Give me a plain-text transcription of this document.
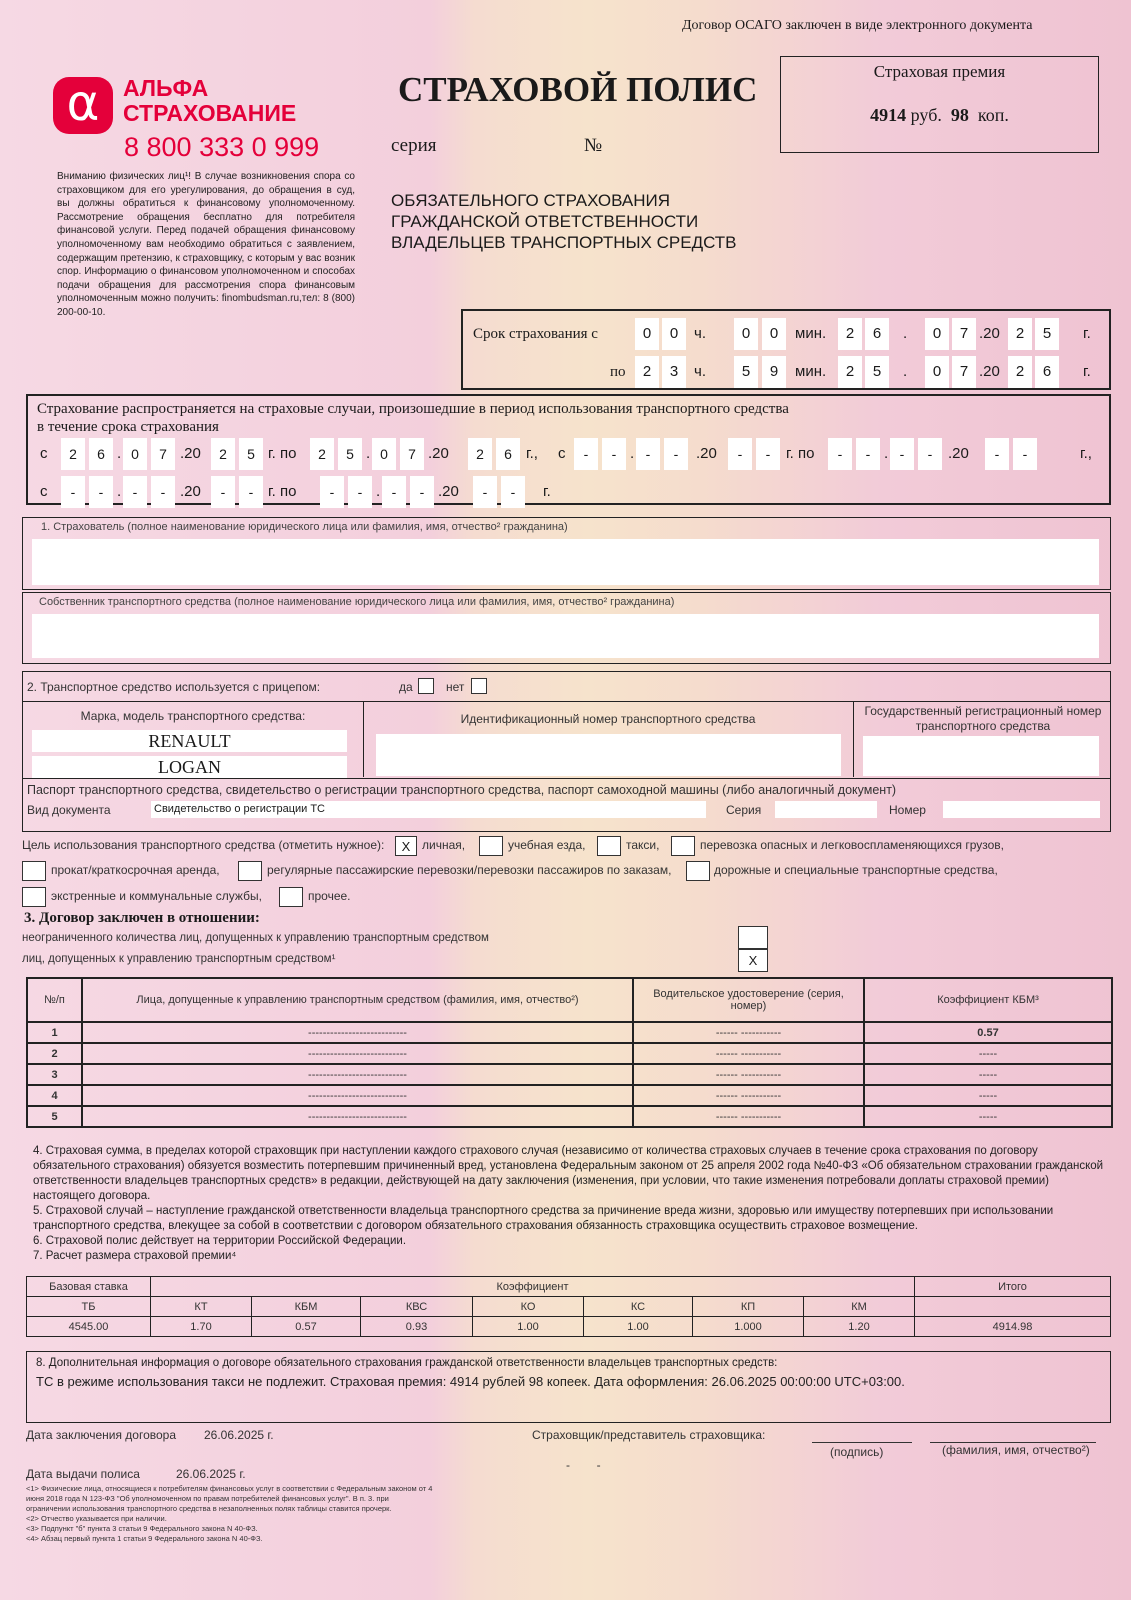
Договор ОСАГО заключен в виде электронного документа
α	АЛЬФА
СТРАХОВАНИЕ
8 800 333 0 999
СТРАХОВОЙ ПОЛИС
серия	№
ОБЯЗАТЕЛЬНОГО СТРАХОВАНИЯ
ГРАЖДАНСКОЙ ОТВЕТСТВЕННОСТИ
ВЛАДЕЛЬЦЕВ ТРАНСПОРТНЫХ СРЕДСТВ
Страховая премия
4914 руб. 98 коп.
Вниманию физических лиц¹! В случае возникновения спора со страховщиком для его урегулирования, до обращения в суд, вы должны обратиться к финансовому уполномоченному. Рассмотрение обращения бесплатно для потребителя финансовой услуги. Перед подачей обращения финансовому уполномоченному вам необходимо обратиться с заявлением, содержащим претензию, к страховщику, с которым у вас возник спор. Информацию о финансовом уполномоченном и способах подачи обращения для рассмотрения спора финансовым уполномоченным можно получить: finombudsman.ru,тел: 8 (800) 200-00-10.
Срок страхования с
по
0	0	ч.	0	0	мин.	2	6	.	0	7 .20	2	5	г.
2	3	ч.	5	9	мин.	2	5	.	0	7 .20	2	6	г.
Страхование распространяется на страховые случаи, произошедшие в период использования транспортного средства
в течение срока страхования
с	2	6 . 0	7 .20	2	5 г. по	2	5 . 0	7 .20	2	6 г., с	-	- . -	-	.20	-	-	г. по	-	- . -	-	.20	-	-	г.,
с	-	- . -	- .20	-	- г. по	-	- . -	- .20	-	-	г.
1. Страхователь (полное наименование юридического лица или фамилия, имя, отчество² гражданина)
Собственник транспортного средства (полное наименование юридического лица или фамилия, имя, отчество² гражданина)
2. Транспортное средство используется с прицепом:	да	нет
Марка, модель транспортного средства:
RENAULT
LOGAN
Идентификационный номер транспортного средства
Государственный регистрационный номер транспортного средства
Паспорт транспортного средства, свидетельство о регистрации транспортного средства, паспорт самоходной машины (либо аналогичный документ)
Вид документа	Свидетельство о регистрации ТС	Серия	Номер
Цель использования транспортного средства (отметить нужное):	X личная,	учебная езда,	такси,	перевозка опасных и легковоспламеняющихся грузов,
прокат/краткосрочная аренда,	регулярные пассажирские перевозки/перевозки пассажиров по заказам,	дорожные и специальные транспортные средства,
экстренные и коммунальные службы,	прочее.
3. Договор заключен в отношении:
неограниченного количества лиц, допущенных к управлению транспортным средством
лиц, допущенных к управлению транспортным средством¹	X
№/п	Лица, допущенные к управлению транспортным средством (фамилия, имя, отчество²)	Водительское удостоверение (серия, номер)	Коэффициент КБМ³
1	---------------------------	------ -----------	0.57
2	---------------------------	------ -----------	-----
3	---------------------------	------ -----------	-----
4	---------------------------	------ -----------	-----
5	---------------------------	------ -----------	-----
4. Страховая сумма, в пределах которой страховщик при наступлении каждого страхового случая (независимо от количества страховых случаев в течение срока страхования по договору обязательного страхования) обязуется возместить потерпевшим причиненный вред, установлена Федеральным законом от 25 апреля 2002 года №40-ФЗ «Об обязательном страховании гражданской ответственности владельцев транспортных средств» в редакции, действующей на дату заключения (изменения, при условии, что такие изменения потребовали доплаты страховой премии) настоящего договора.
5. Страховой случай – наступление гражданской ответственности владельца транспортного средства за причинение вреда жизни, здоровью или имуществу потерпевших при использовании транспортного средства, влекущее за собой в соответствии с договором обязательного страхования обязанность страховщика осуществить страховое возмещение.
6. Страховой полис действует на территории Российской Федерации.
7. Расчет размера страховой премии⁴
Базовая ставка	Коэффициент							Итого
ТБ	КТ	КБМ	КВС	КО	КС	КП	КМ	
4545.00	1.70	0.57	0.93	1.00	1.00	1.000	1.20	4914.98
8. Дополнительная информация о договоре обязательного страхования гражданской ответственности владельцев транспортных средств:
ТС в режиме использования такси не подлежит. Страховая премия: 4914 рублей 98 копеек. Дата оформления: 26.06.2025 00:00:00 UTC+03:00.
Дата заключения договора 26.06.2025 г.	Страховщик/представитель страховщика:
(подпись)	(фамилия, имя, отчество²)
Дата выдачи полиса	26.06.2025 г.
-        -
<1> Физические лица, относящиеся к потребителям финансовых услуг в соответствии с Федеральным законом от 4
июня 2018 года N 123-ФЗ "Об уполномоченном по правам потребителей финансовых услуг". В п. 3. при
ограничении использования транспортного средства в незаполненных полях таблицы ставится прочерк.
<2> Отчество указывается при наличии.
<3> Подпункт "б" пункта 3 статьи 9 Федерального закона N 40-ФЗ.
<4> Абзац первый пункта 1 статьи 9 Федерального закона N 40-ФЗ.
